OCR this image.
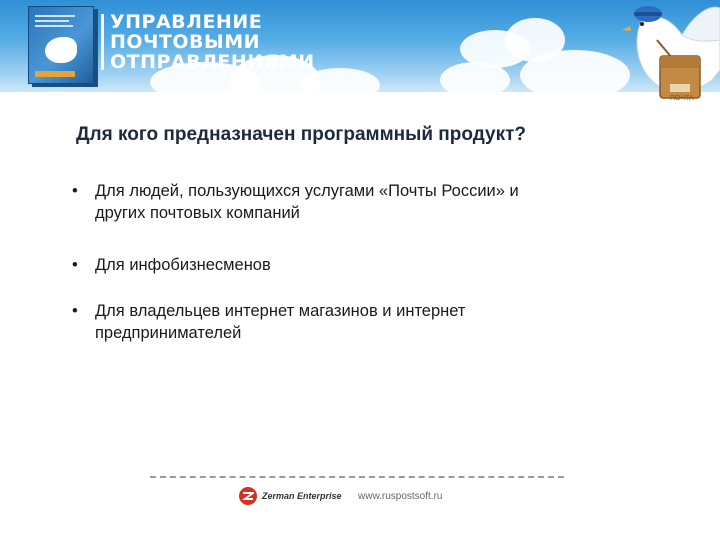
УПРАВЛЕНИЕ
ПОЧТОВЫМИ
ОТПРАВЛЕНИЯМИ
ПОЧТА
Для кого предназначен программный продукт?
• Для людей, пользующихся услугами «Почты России» и
других почтовых компаний
• Для инфобизнесменов
• Для владельцев интернет магазинов и интернет
предпринимателей
Zerman Enterprise www.ruspostsoft.ru
